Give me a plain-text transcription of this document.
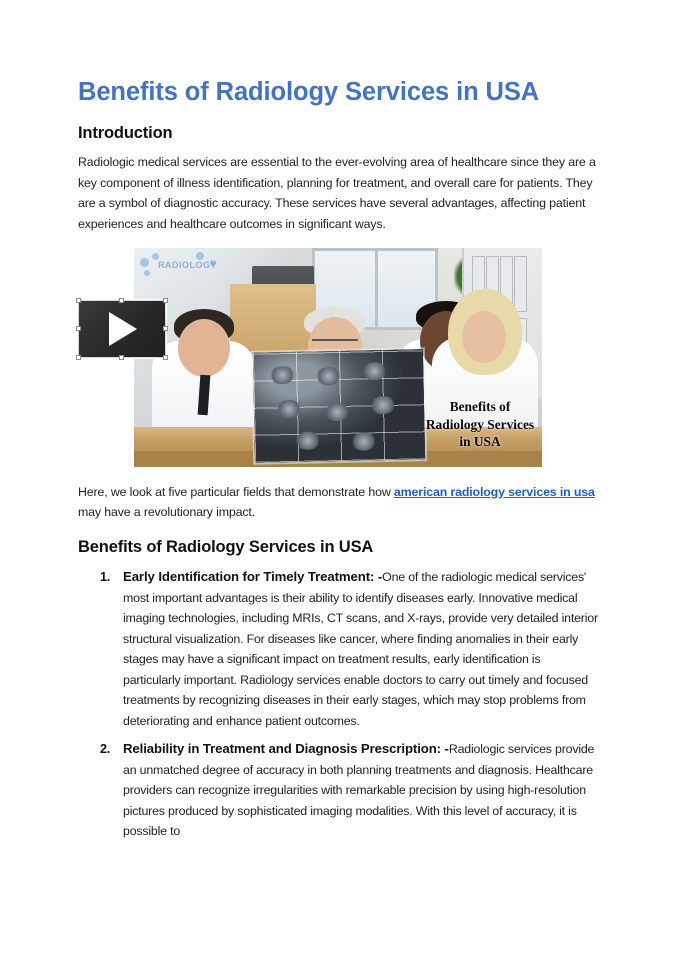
Benefits of Radiology Services in USA
Introduction

Radiologic medical services are essential to the ever-evolving area of healthcare since they are a key component of illness identification, planning for treatment, and overall care for patients. They are a symbol of diagnostic accuracy. These services have several advantages, affecting patient experiences and healthcare outcomes in significant ways.

RADIOLOGY
Benefits of Radiology Services in USA

Here, we look at five particular fields that demonstrate how american radiology services in usa may have a revolutionary impact.

Benefits of Radiology Services in USA
1. Early Identification for Timely Treatment: -One of the radiologic medical services' most important advantages is their ability to identify diseases early. Innovative medical imaging technologies, including MRIs, CT scans, and X-rays, provide very detailed interior structural visualization. For diseases like cancer, where finding anomalies in their early stages may have a significant impact on treatment results, early identification is particularly important. Radiology services enable doctors to carry out timely and focused treatments by recognizing diseases in their early stages, which may stop problems from deteriorating and enhance patient outcomes.
2. Reliability in Treatment and Diagnosis Prescription: -Radiologic services provide an unmatched degree of accuracy in both planning treatments and diagnosis. Healthcare providers can recognize irregularities with remarkable precision by using high-resolution pictures produced by sophisticated imaging modalities. With this level of accuracy, it is possible to
